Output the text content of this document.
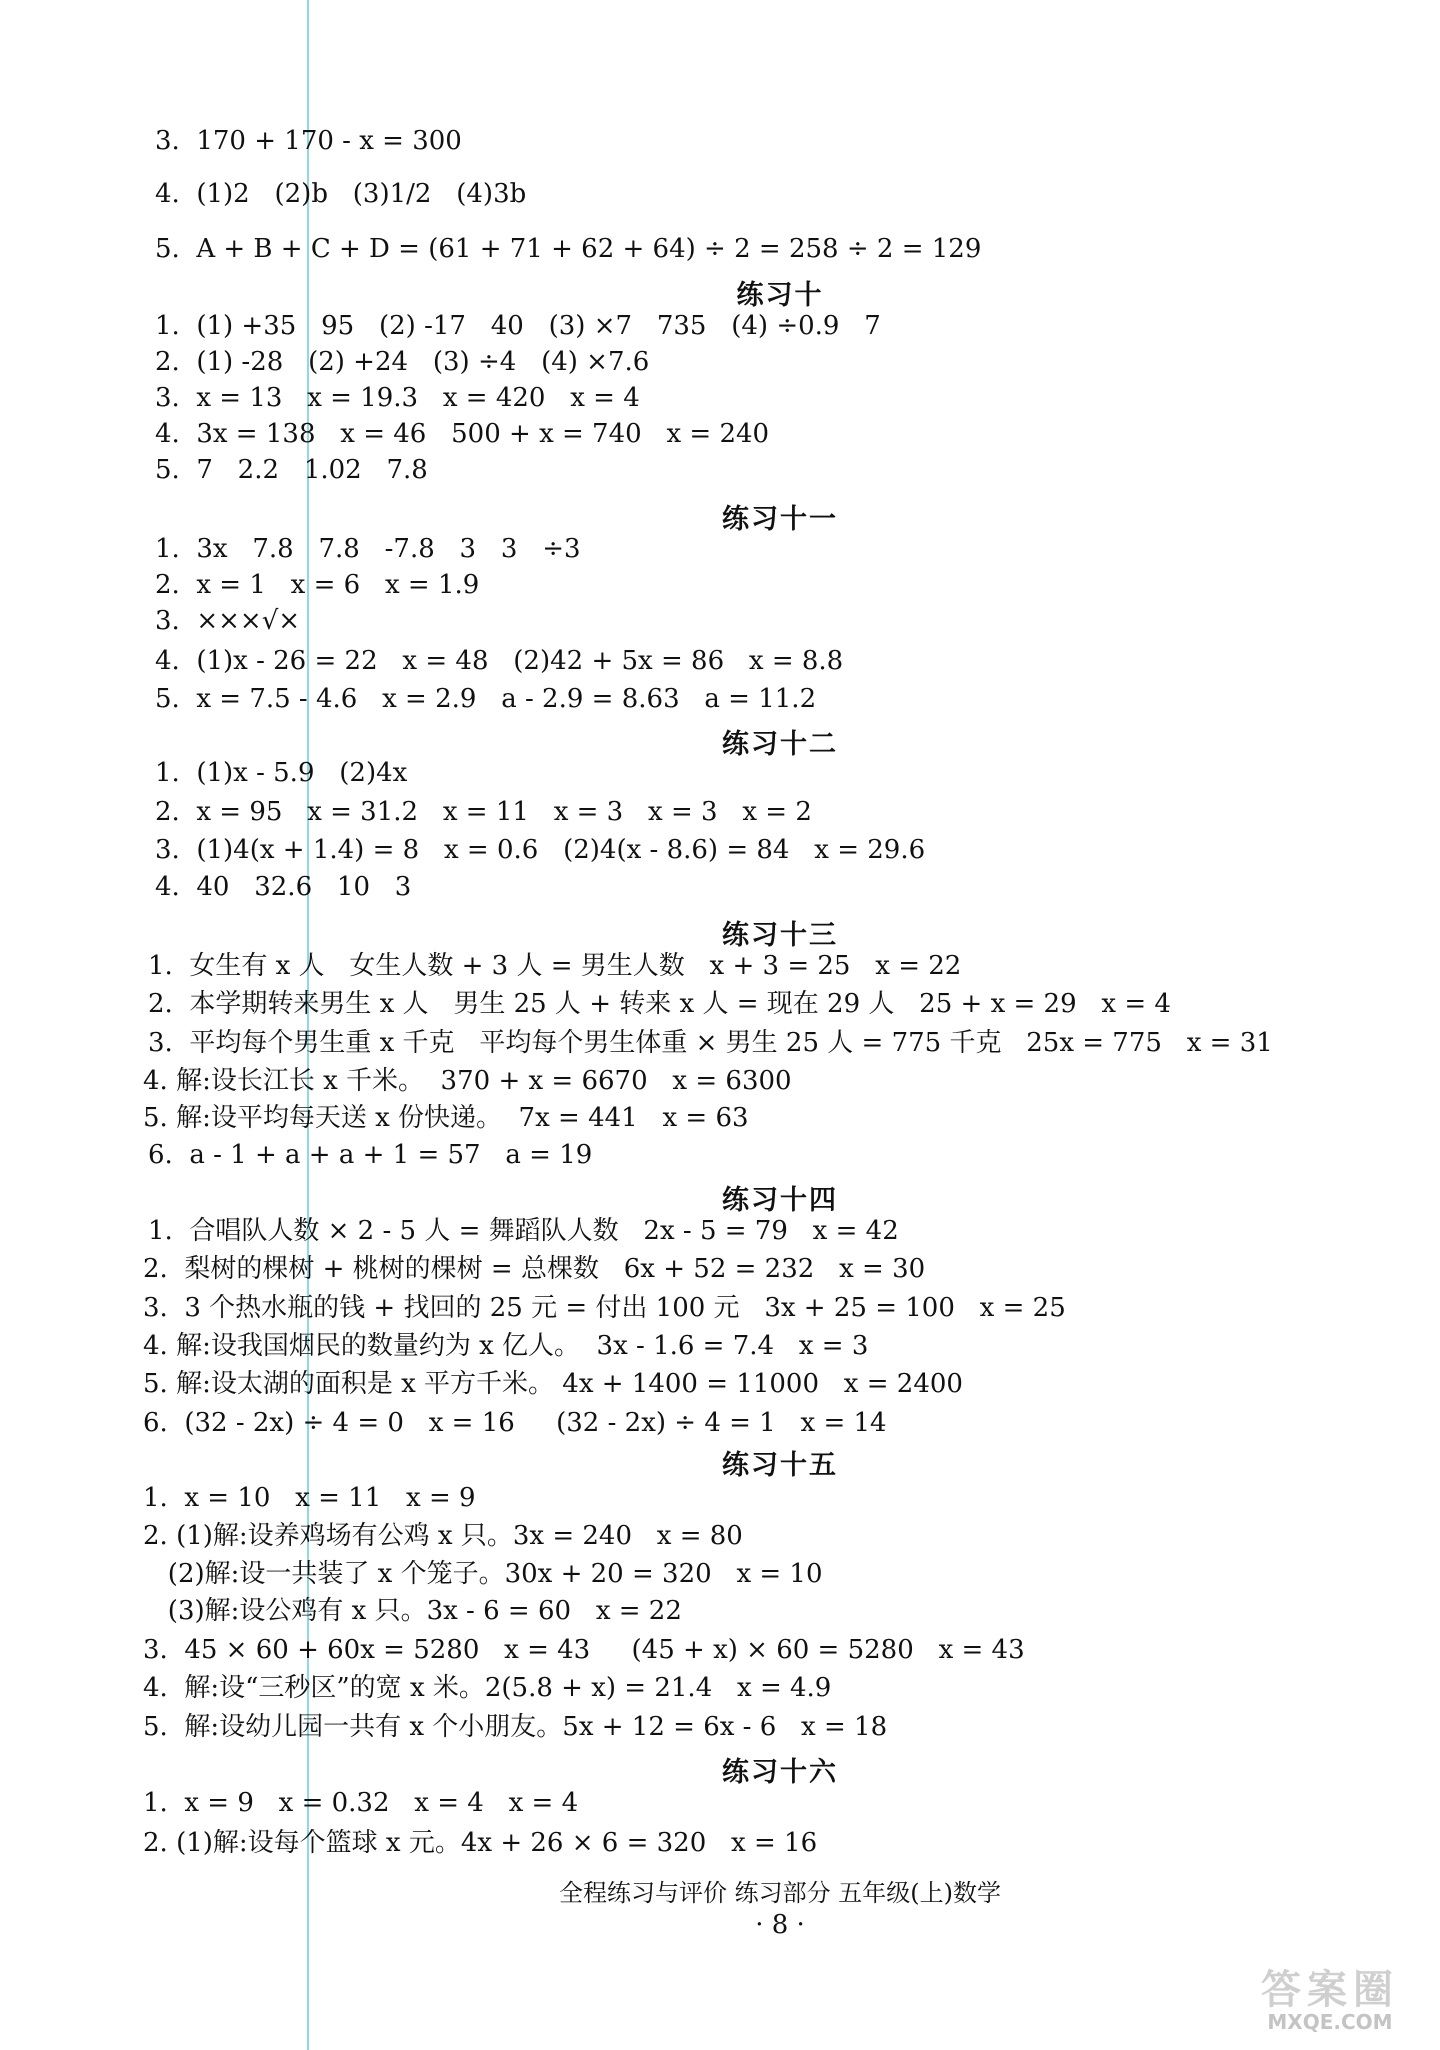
3.  170 + 170 - x = 300
4.  (1)2   (2)b   (3)1/2   (4)3b
5.  A + B + C + D = (61 + 71 + 62 + 64) ÷ 2 = 258 ÷ 2 = 129
练习十
1.  (1) +35   95   (2) -17   40   (3) ×7   735   (4) ÷0.9   7
2.  (1) -28   (2) +24   (3) ÷4   (4) ×7.6
3.  x = 13   x = 19.3   x = 420   x = 4
4.  3x = 138   x = 46   500 + x = 740   x = 240
5.  7   2.2   1.02   7.8
练习十一
1.  3x   7.8   7.8   -7.8   3   3   ÷3
2.  x = 1   x = 6   x = 1.9
3.  ×××√×
4.  (1)x - 26 = 22   x = 48   (2)42 + 5x = 86   x = 8.8
5.  x = 7.5 - 4.6   x = 2.9   a - 2.9 = 8.63   a = 11.2
练习十二
1.  (1)x - 5.9   (2)4x
2.  x = 95   x = 31.2   x = 11   x = 3   x = 3   x = 2
3.  (1)4(x + 1.4) = 8   x = 0.6   (2)4(x - 8.6) = 84   x = 29.6
4.  40   32.6   10   3
练习十三
1.  女生有 x 人   女生人数 + 3 人 = 男生人数   x + 3 = 25   x = 22
2.  本学期转来男生 x 人   男生 25 人 + 转来 x 人 = 现在 29 人   25 + x = 29   x = 4
3.  平均每个男生重 x 千克   平均每个男生体重 × 男生 25 人 = 775 千克   25x = 775   x = 31
4. 解:设长江长 x 千米。  370 + x = 6670   x = 6300
5. 解:设平均每天送 x 份快递。  7x = 441   x = 63
6.  a - 1 + a + a + 1 = 57   a = 19
练习十四
1.  合唱队人数 × 2 - 5 人 = 舞蹈队人数   2x - 5 = 79   x = 42
2.  梨树的棵树 + 桃树的棵树 = 总棵数   6x + 52 = 232   x = 30
3.  3 个热水瓶的钱 + 找回的 25 元 = 付出 100 元   3x + 25 = 100   x = 25
4. 解:设我国烟民的数量约为 x 亿人。  3x - 1.6 = 7.4   x = 3
5. 解:设太湖的面积是 x 平方千米。 4x + 1400 = 11000   x = 2400
6.  (32 - 2x) ÷ 4 = 0   x = 16     (32 - 2x) ÷ 4 = 1   x = 14
练习十五
1.  x = 10   x = 11   x = 9
2. (1)解:设养鸡场有公鸡 x 只。3x = 240   x = 80
(2)解:设一共装了 x 个笼子。30x + 20 = 320   x = 10
(3)解:设公鸡有 x 只。3x - 6 = 60   x = 22
3.  45 × 60 + 60x = 5280   x = 43     (45 + x) × 60 = 5280   x = 43
4.  解:设“三秒区”的宽 x 米。2(5.8 + x) = 21.4   x = 4.9
5.  解:设幼儿园一共有 x 个小朋友。5x + 12 = 6x - 6   x = 18
练习十六
1.  x = 9   x = 0.32   x = 4   x = 4
2. (1)解:设每个篮球 x 元。4x + 26 × 6 = 320   x = 16
全程练习与评价 练习部分 五年级(上)数学
· 8 ·
答案圈
MXQE.COM
